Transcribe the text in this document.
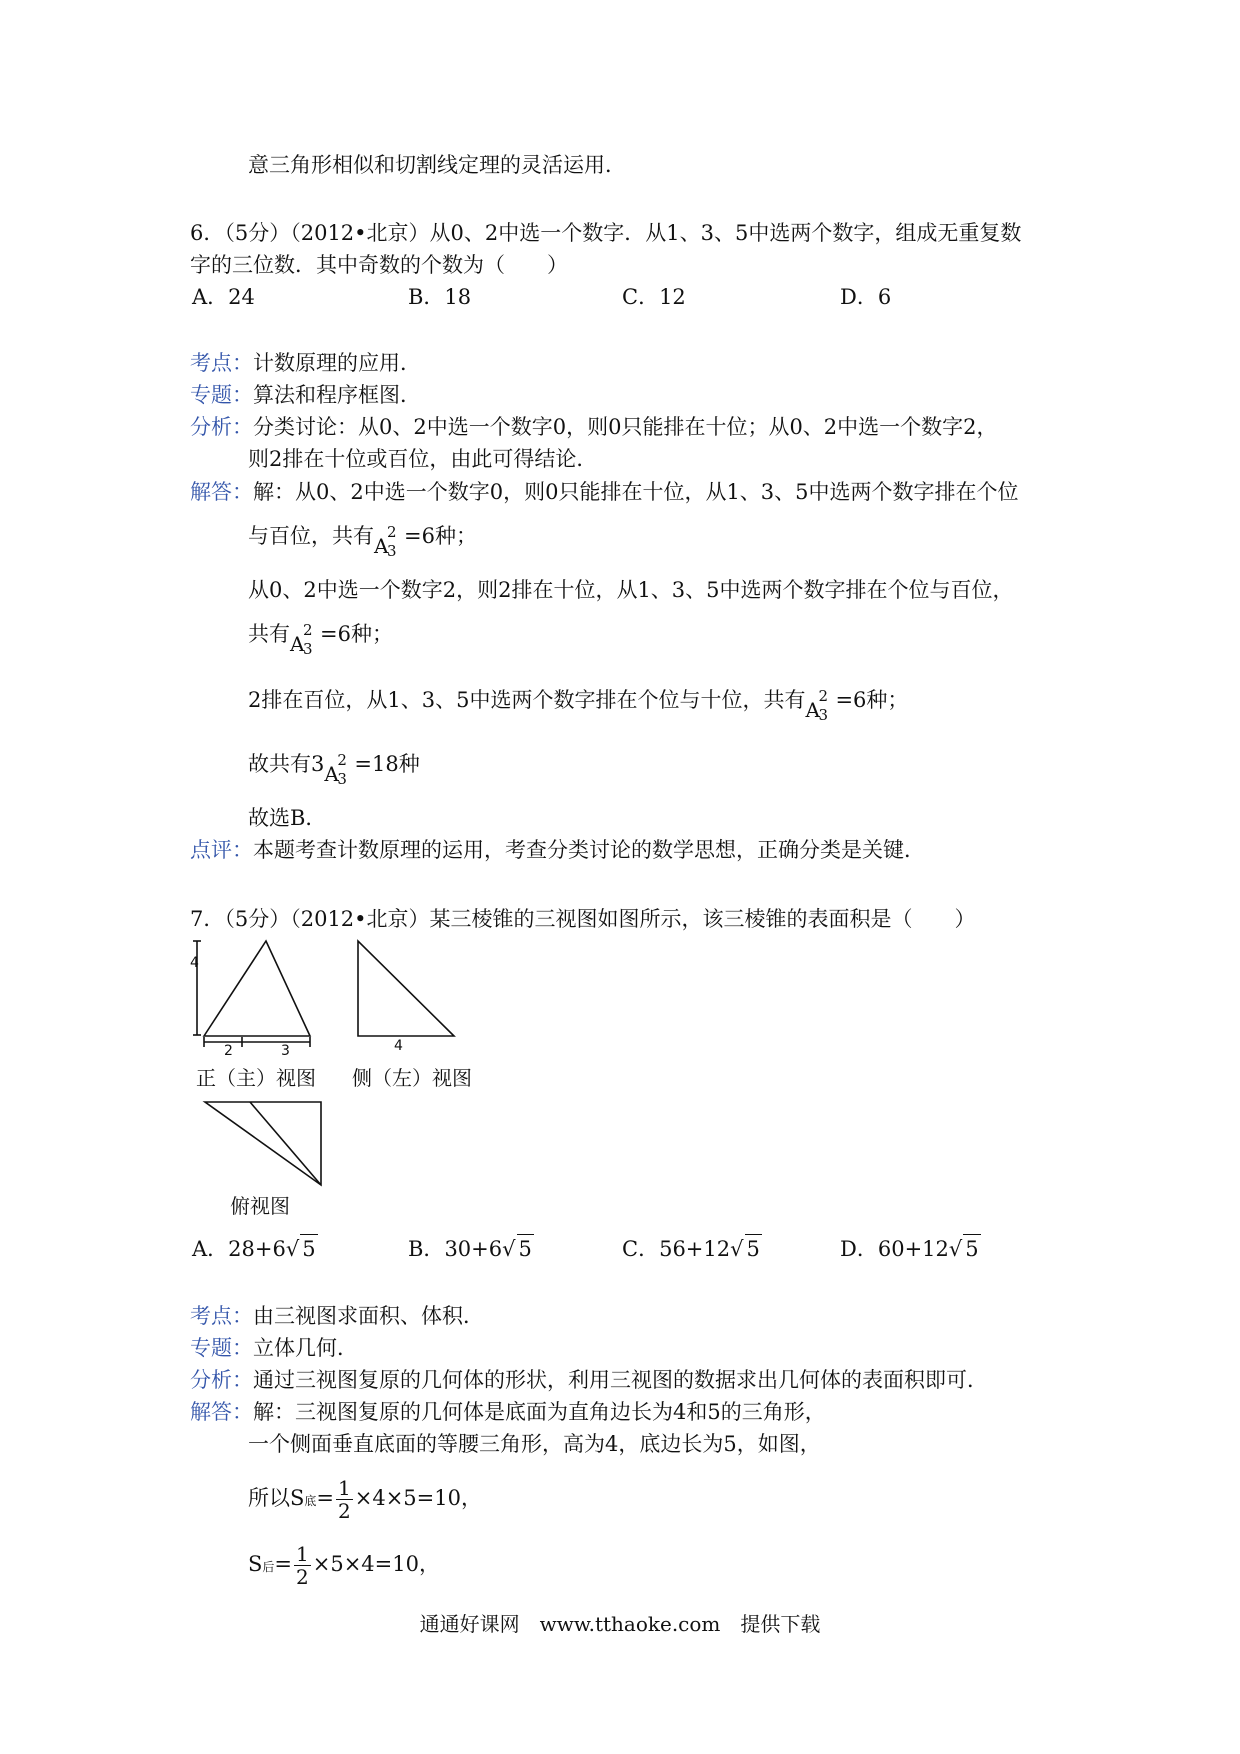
意三角形相似和切割线定理的灵活运用．
6．（5分）（2012•北京）从0、2中选一个数字．从1、3、5中选两个数字，组成无重复数
字的三位数．其中奇数的个数为（　　）
A．24	B．18	C．12	D．6
考点：计数原理的应用．
专题：算法和程序框图．
分析：分类讨论：从0、2中选一个数字0，则0只能排在十位；从0、2中选一个数字2，
则2排在十位或百位，由此可得结论．
解答：解：从0、2中选一个数字0，则0只能排在十位，从1、3、5中选两个数字排在个位
与百位，共有 A
2
3
=6种；
从0、2中选一个数字2，则2排在十位，从1、3、5中选两个数字排在个位与百位，
共有 A
2
3
=6种；
2排在百位，从1、3、5中选两个数字排在个位与十位，共有 A
2
3
=6种；
故共有3 A
2
3
=18种
故选B．
点评：本题考查计数原理的运用，考查分类讨论的数学思想，正确分类是关键．
7．（5分）（2012•北京）某三棱锥的三视图如图所示，该三棱锥的表面积是（　　）
4
2	3	4
正（主）视图 侧（左）视图
俯视图
A．28+6√ 5	B．30+6√ 5	C．56+12√ 5	D．60+12√ 5
考点：由三视图求面积、体积．
专题：立体几何．
分析：通过三视图复原的几何体的形状，利用三视图的数据求出几何体的表面积即可．
解答：解：三视图复原的几何体是底面为直角边长为4和5的三角形，
一个侧面垂直底面的等腰三角形，高为4，底边长为5，如图，
所以S底= $\frac{1}{2} \times 4\times 5=10$，
S后= $\frac{1}{2} \times 5\times 4=10$，
通通好课网　www.tthaoke.com　提供下载
